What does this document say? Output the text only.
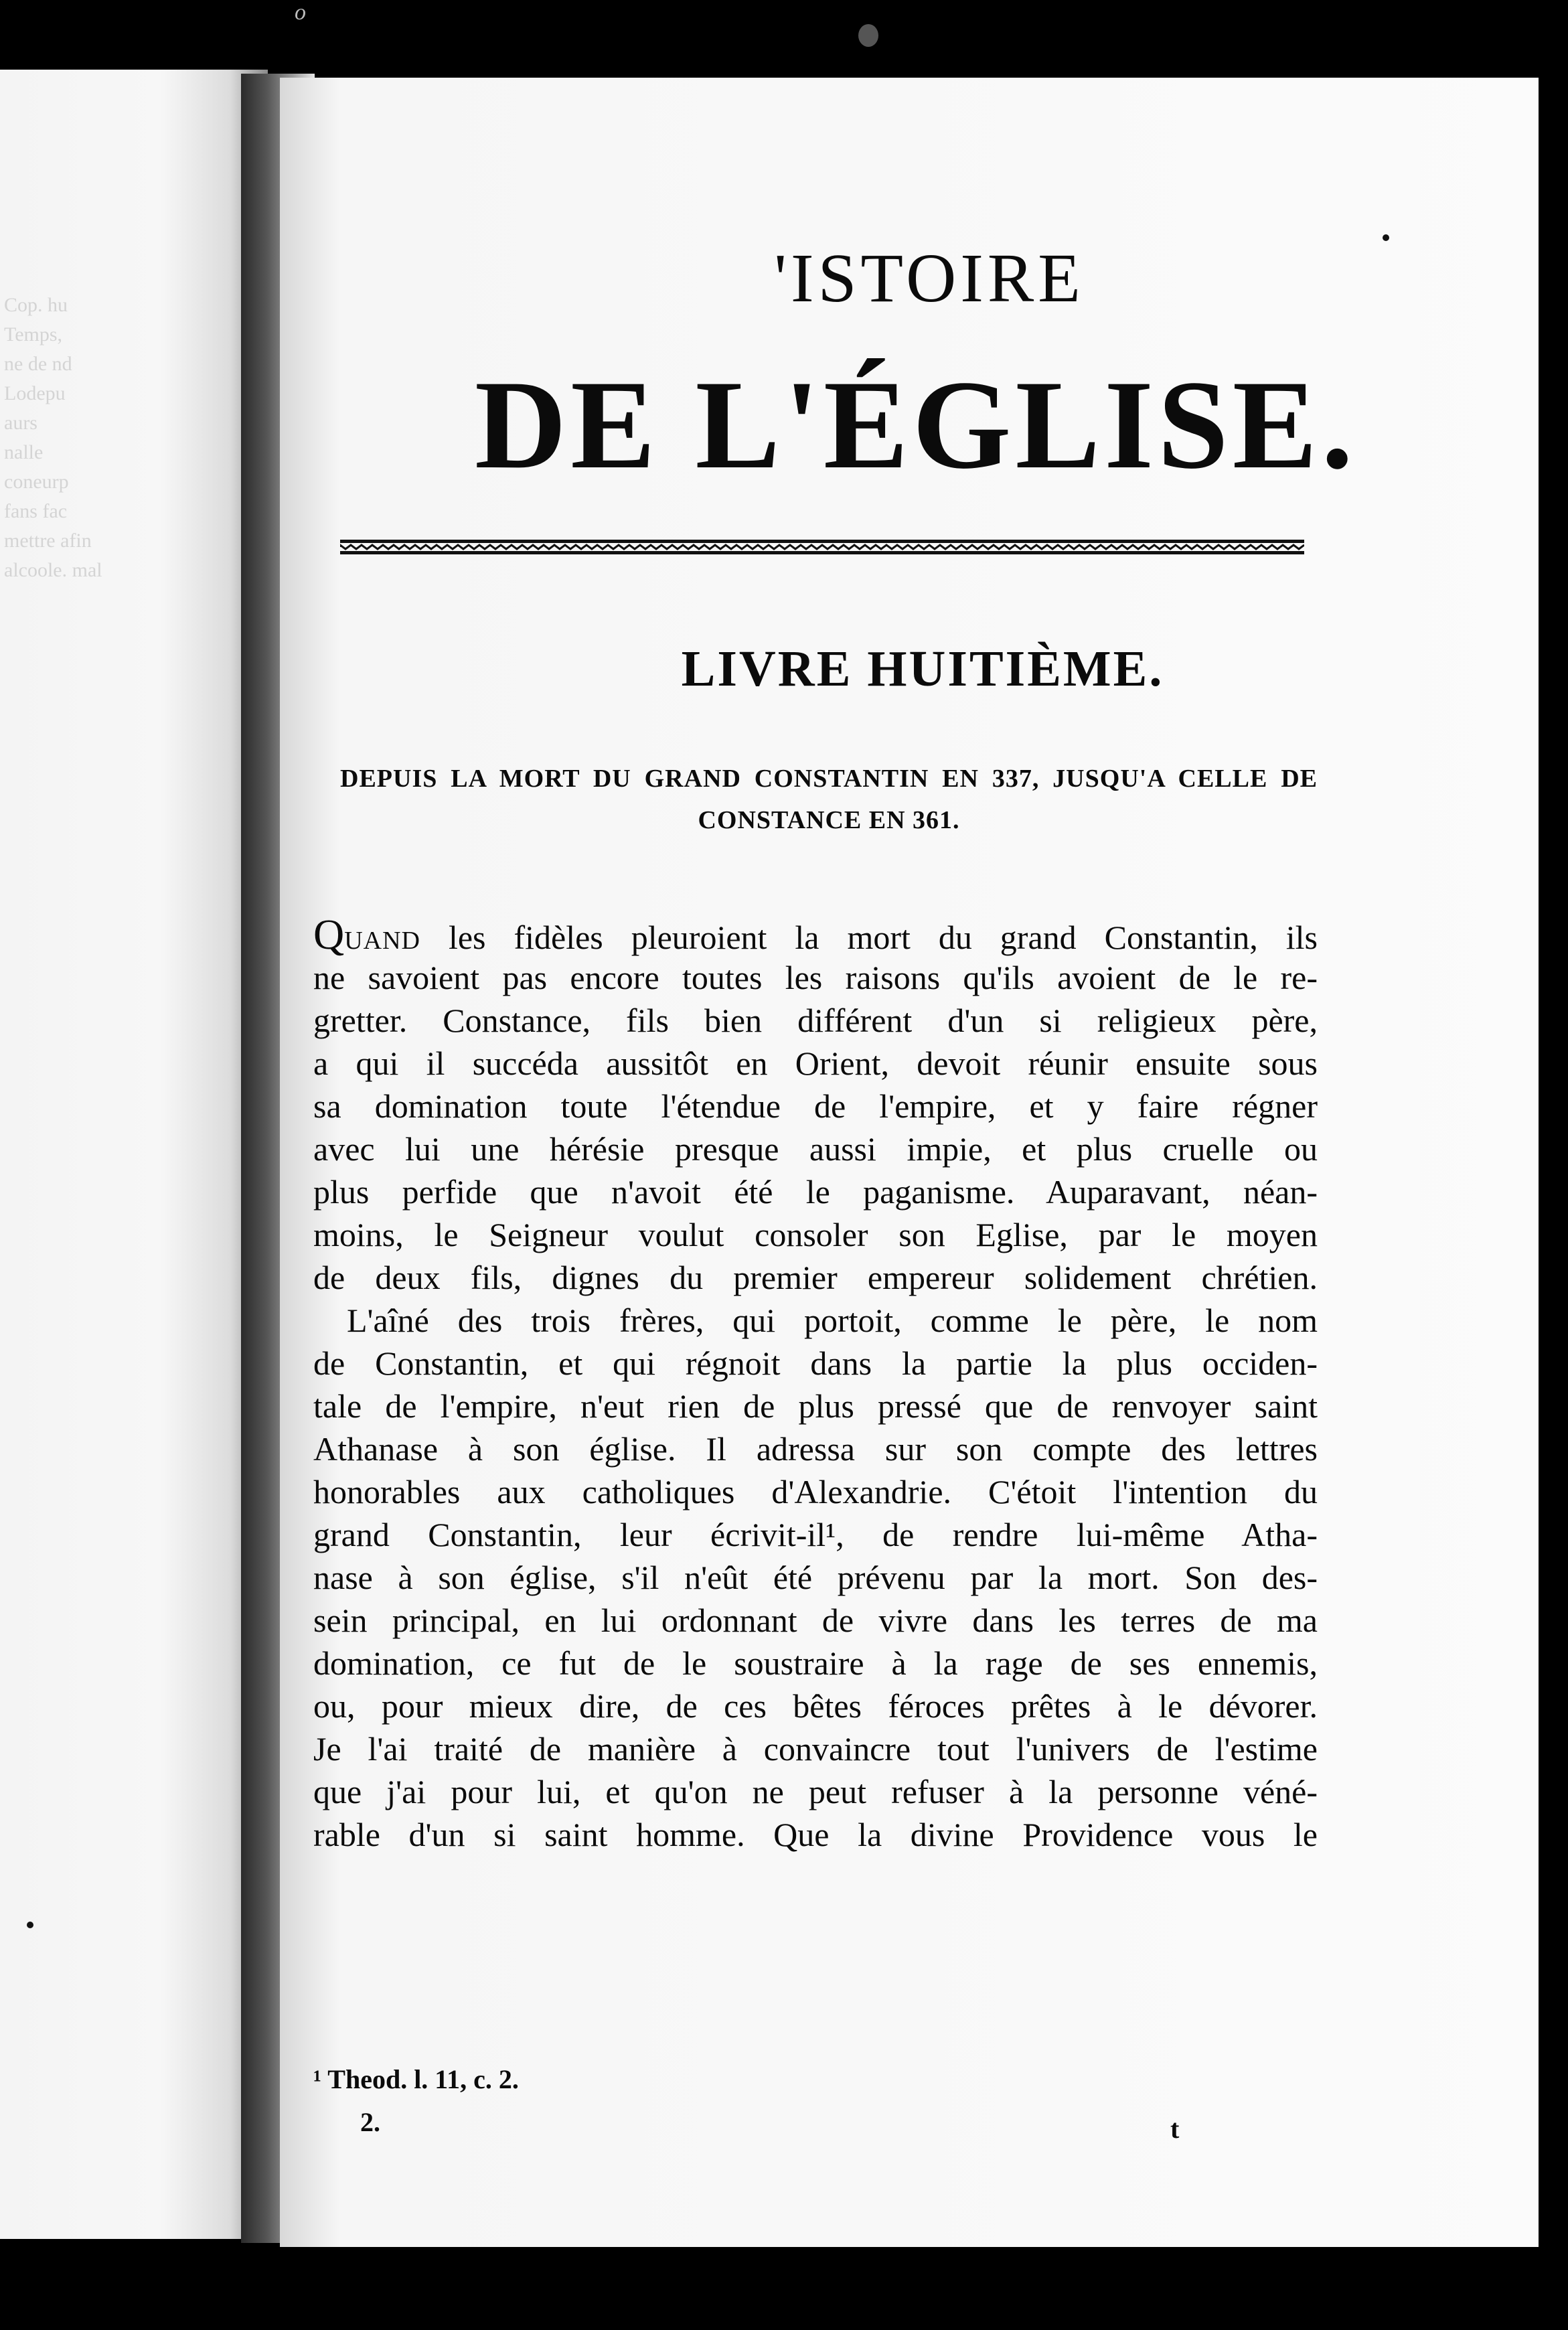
o
Cop. hu
Temps,
ne de nd
Lodepu
aurs
nalle
coneurp
fans fac
mettre afin
alcoole. mal
'ISTOIRE
DE L'ÉGLISE.
LIVRE HUITIÈME.
DEPUIS LA MORT DU GRAND CONSTANTIN EN 337, JUSQU'A CELLE DE
CONSTANCE EN 361.
QUAND les fidèles pleuroient la mort du grand Constantin, ils
ne savoient pas encore toutes les raisons qu'ils avoient de le re-
gretter. Constance, fils bien différent d'un si religieux père,
a qui il succéda aussitôt en Orient, devoit réunir ensuite sous
sa domination toute l'étendue de l'empire, et y faire régner
avec lui une hérésie presque aussi impie, et plus cruelle ou
plus perfide que n'avoit été le paganisme. Auparavant, néan-
moins, le Seigneur voulut consoler son Eglise, par le moyen
de deux fils, dignes du premier empereur solidement chrétien.
L'aîné des trois frères, qui portoit, comme le père, le nom
de Constantin, et qui régnoit dans la partie la plus occiden-
tale de l'empire, n'eut rien de plus pressé que de renvoyer saint
Athanase à son église. Il adressa sur son compte des lettres
honorables aux catholiques d'Alexandrie. C'étoit l'intention du
grand Constantin, leur écrivit-il¹, de rendre lui-même Atha-
nase à son église, s'il n'eût été prévenu par la mort. Son des-
sein principal, en lui ordonnant de vivre dans les terres de ma
domination, ce fut de le soustraire à la rage de ses ennemis,
ou, pour mieux dire, de ces bêtes féroces prêtes à le dévorer.
Je l'ai traité de manière à convaincre tout l'univers de l'estime
que j'ai pour lui, et qu'on ne peut refuser à la personne véné-
rable d'un si saint homme. Que la divine Providence vous le
¹ Theod. l. 11, c. 2.
2.	t
